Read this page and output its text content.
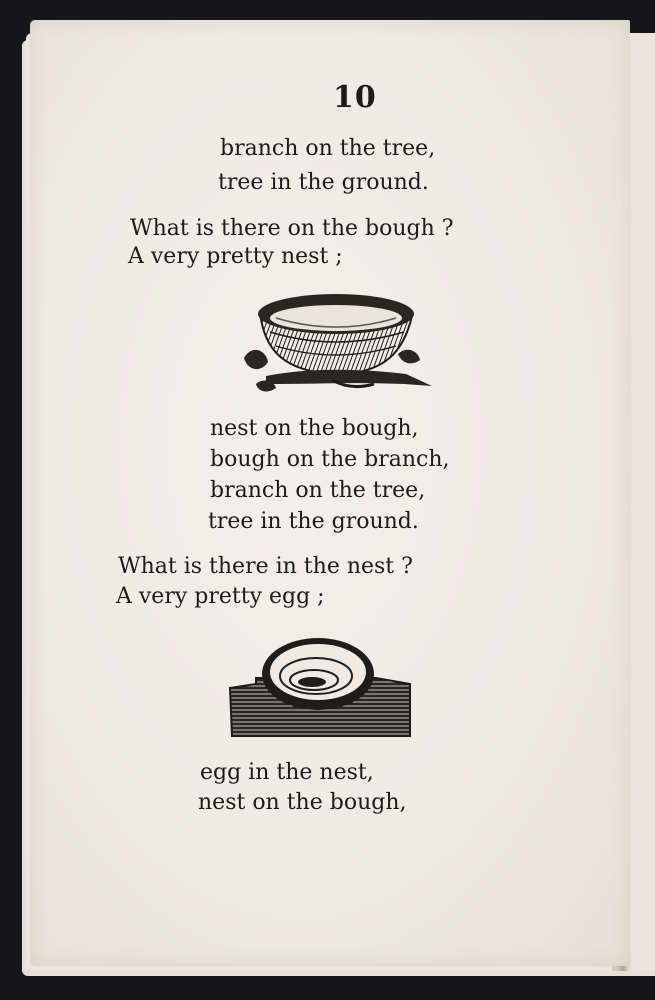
10
branch on the tree,
tree in the ground.
What is there on the bough ?
A very pretty nest ;
nest on the bough,
bough on the branch,
branch on the tree,
tree in the ground.
What is there in the nest ?
A very pretty egg ;
egg in the nest,
nest on the bough,
